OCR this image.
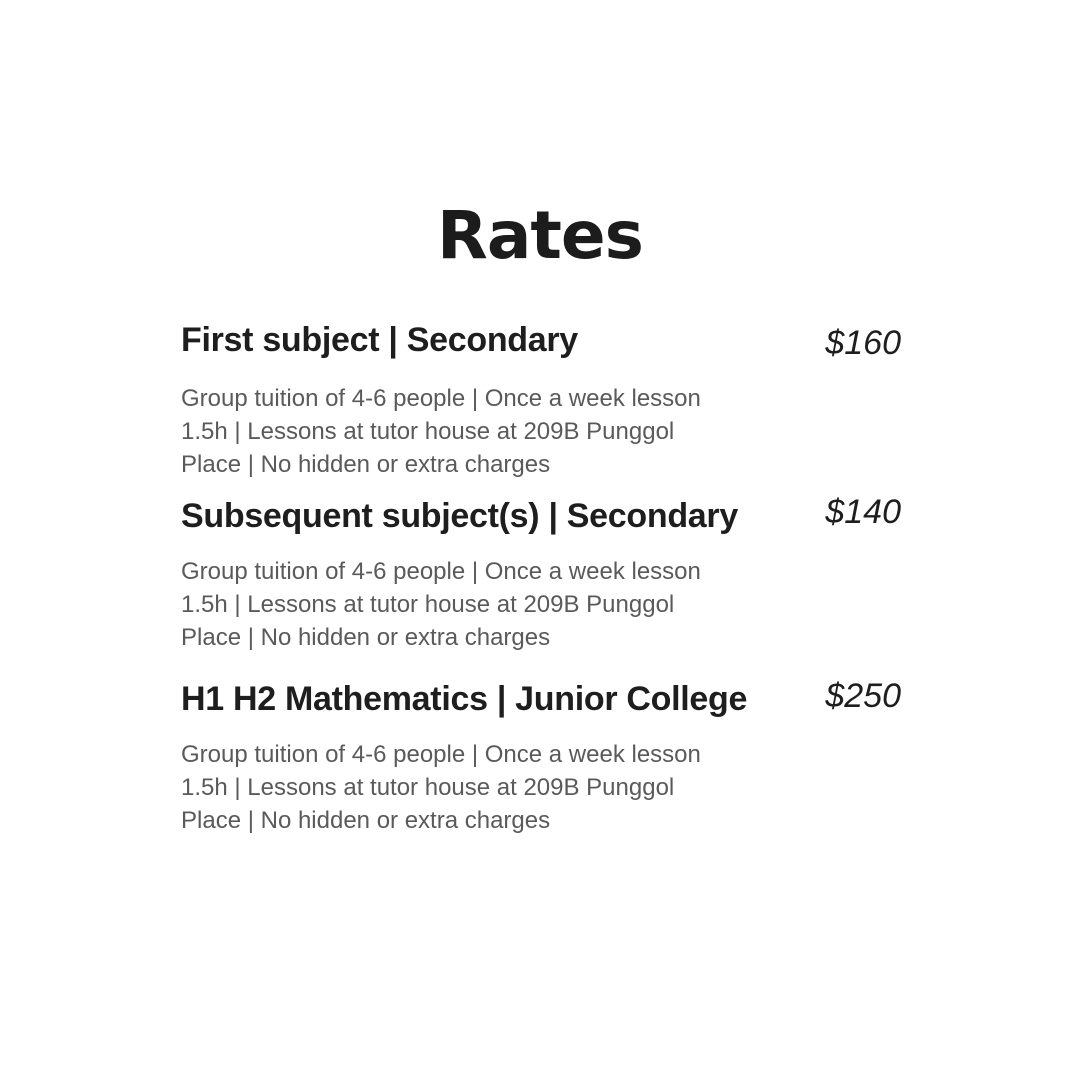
Rates
First subject | Secondary	$160
Group tuition of 4-6 people | Once a week lesson
1.5h | Lessons at tutor house at 209B Punggol
Place | No hidden or extra charges
Subsequent subject(s) | Secondary	$140
Group tuition of 4-6 people | Once a week lesson
1.5h | Lessons at tutor house at 209B Punggol
Place | No hidden or extra charges
H1 H2 Mathematics | Junior College	$250
Group tuition of 4-6 people | Once a week lesson
1.5h | Lessons at tutor house at 209B Punggol
Place | No hidden or extra charges
